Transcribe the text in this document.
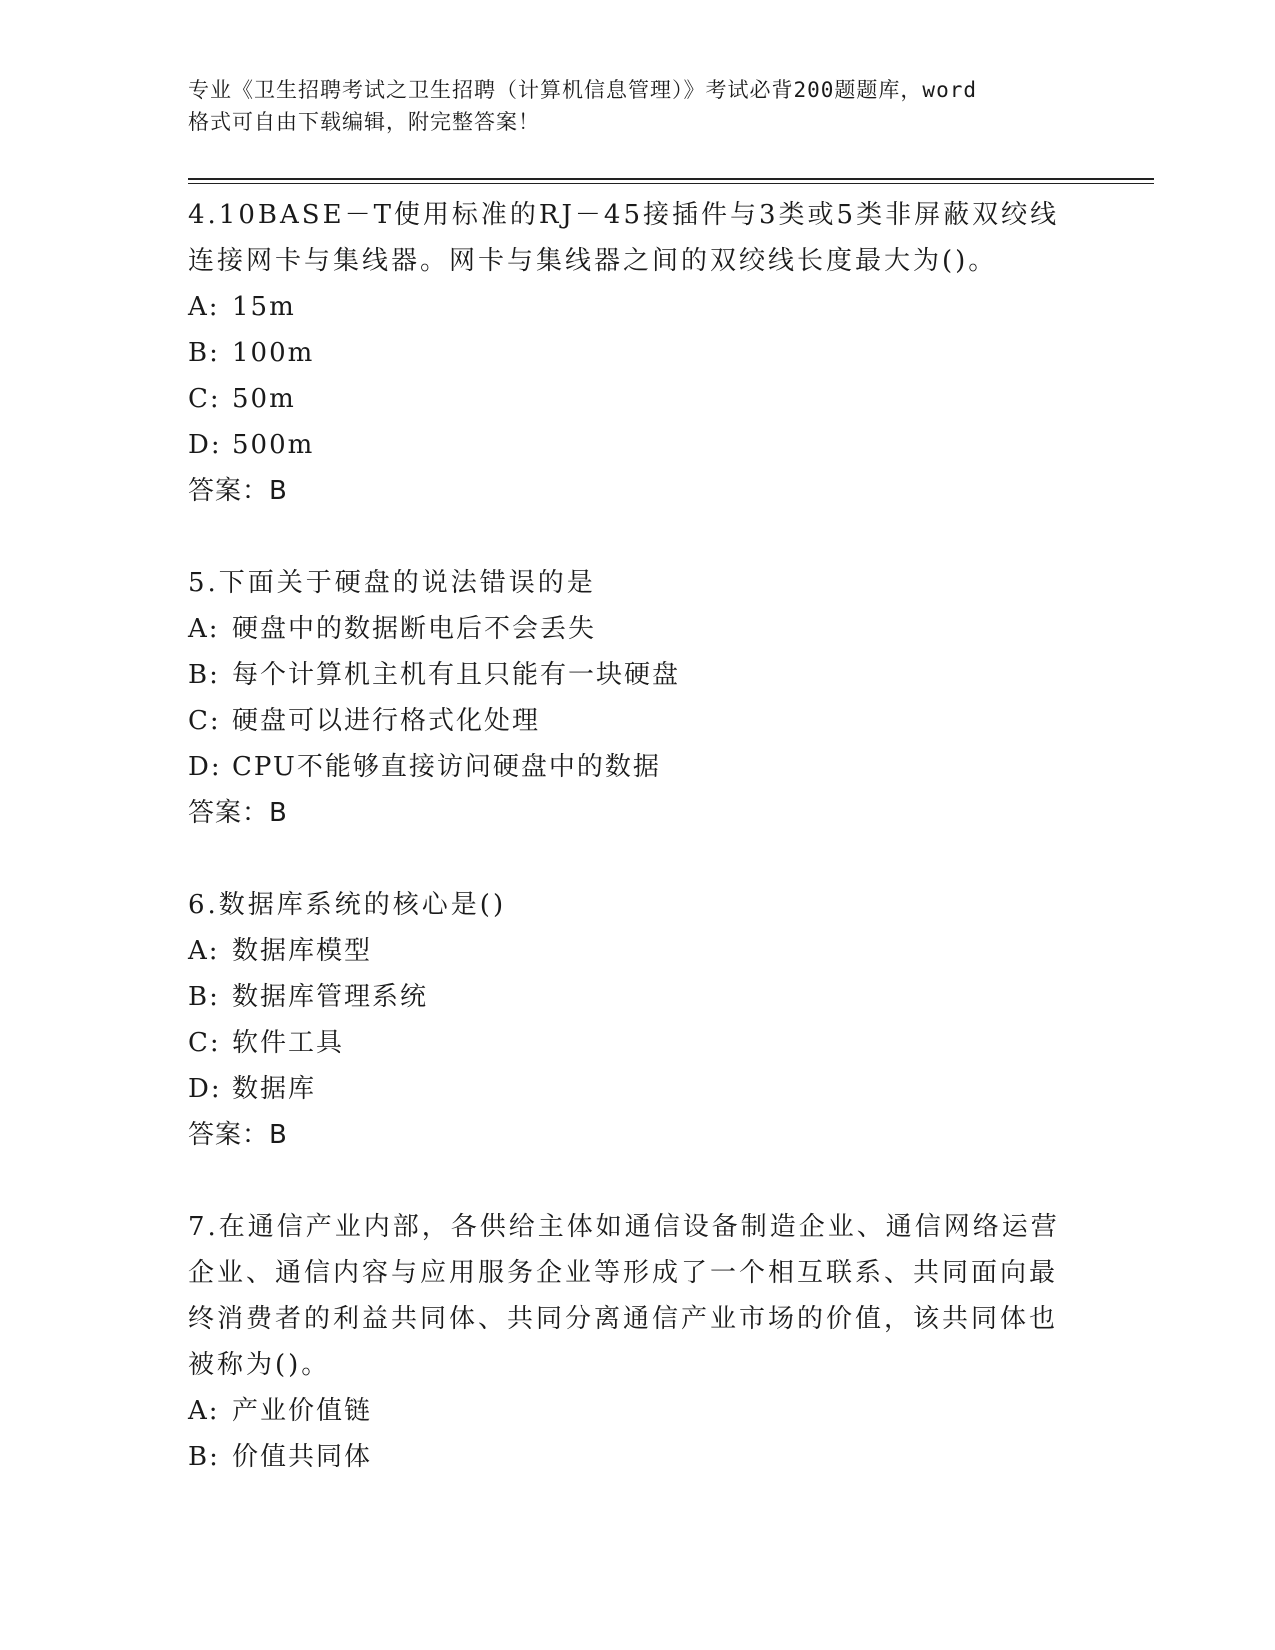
专业《卫生招聘考试之卫生招聘（计算机信息管理）》考试必背200题题库，word
格式可自由下载编辑，附完整答案！

4.10BASE－T使用标准的RJ－45接插件与3类或5类非屏蔽双绞线连接网卡与集线器。网卡与集线器之间的双绞线长度最大为()。

A: 15m

B: 100m

C: 50m

D: 500m

答案：B

5.下面关于硬盘的说法错误的是

A: 硬盘中的数据断电后不会丢失

B: 每个计算机主机有且只能有一块硬盘

C: 硬盘可以进行格式化处理

D: CPU不能够直接访问硬盘中的数据

答案：B

6.数据库系统的核心是()

A: 数据库模型

B: 数据库管理系统

C: 软件工具

D: 数据库

答案：B

7.在通信产业内部，各供给主体如通信设备制造企业、通信网络运营企业、通信内容与应用服务企业等形成了一个相互联系、共同面向最终消费者的利益共同体、共同分离通信产业市场的价值，该共同体也被称为()。

A: 产业价值链

B: 价值共同体
